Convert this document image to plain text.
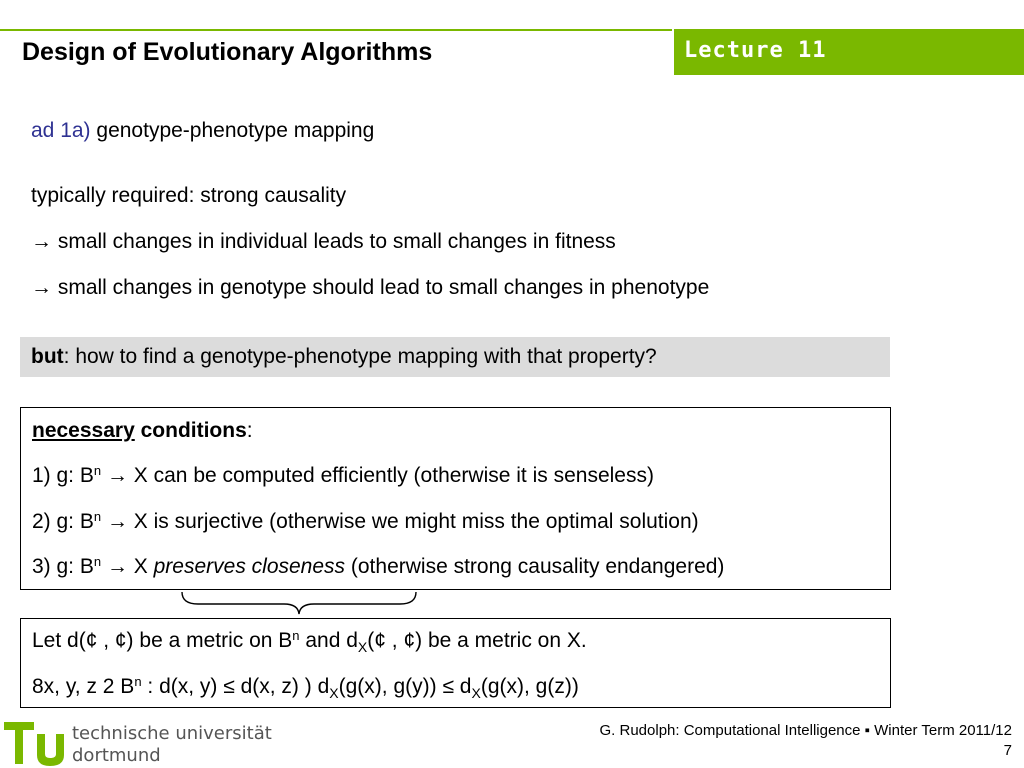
Design of Evolutionary Algorithms	Lecture 11
ad 1a) genotype-phenotype mapping
typically required: strong causality
→ small changes in individual leads to small changes in fitness
→ small changes in genotype should lead to small changes in phenotype
but: how to find a genotype-phenotype mapping with that property?
necessary conditions:
1) g: $B^n \to X$ can be computed efficiently (otherwise it is senseless)
2) g: $B^n \to X$ is surjective (otherwise we might miss the optimal solution)
3) g: $B^n \to X$ preserves closeness (otherwise strong causality endangered)
Let d(¢ , ¢) be a metric on $B^n$ and $d_X(¢$ , ¢) be a metric on X.
8x, y, z 2 $B^n$ : d(x, y) ≤ d(x, z) ) $d_X(g(x)$, $g(y)) \le d_X(g(x)$, g(z))
technische universität
dortmund
G. Rudolph: Computational Intelligence ▪ Winter Term 2011/12
7
